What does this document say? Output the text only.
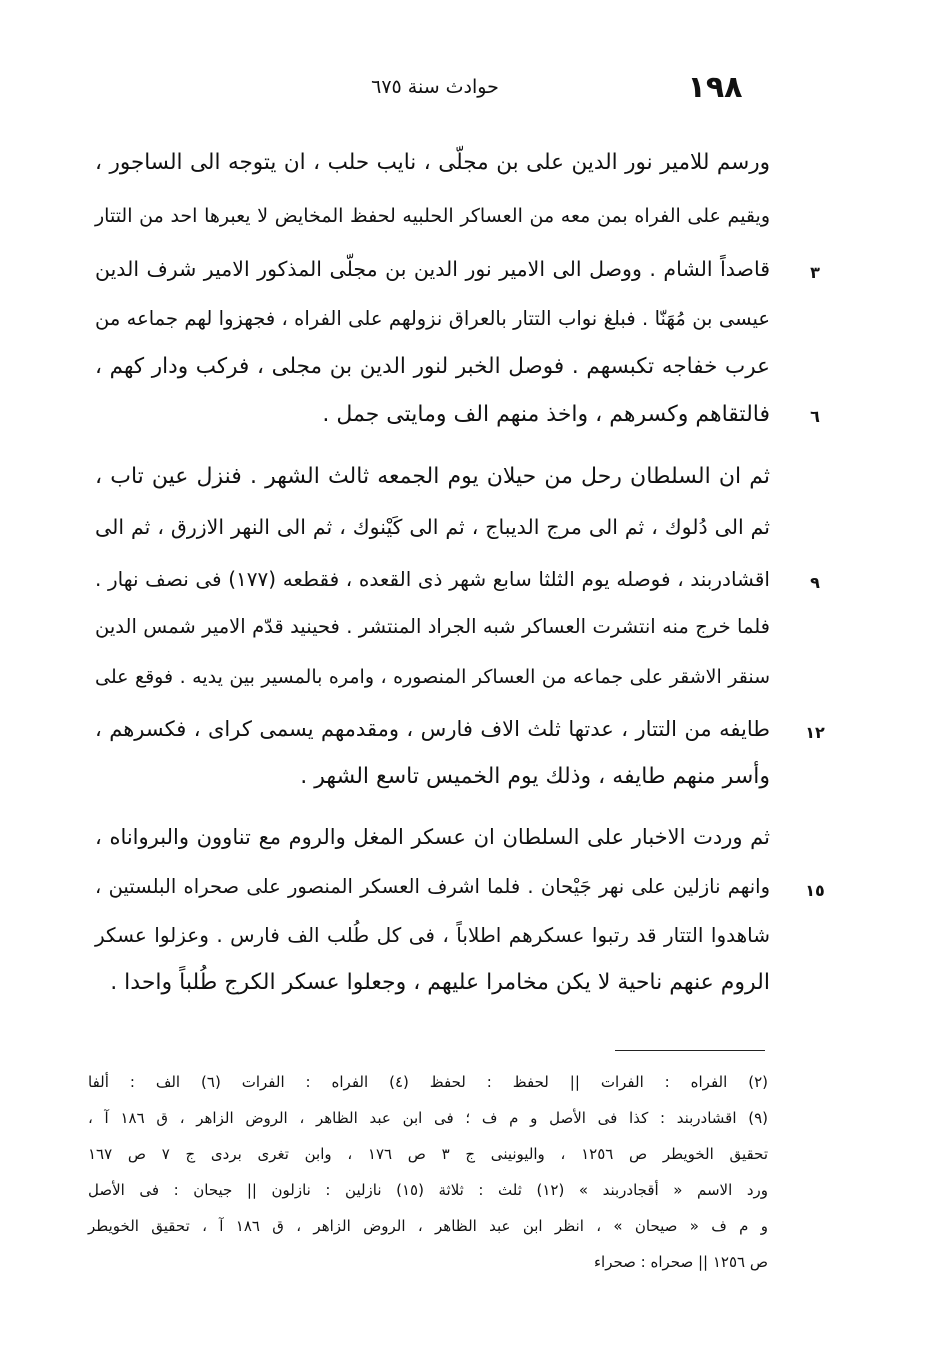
حوادث سنة ٦٧٥	١٩٨
ورسم للامير نور الدين على بن مجلّى ، نايب حلب ، ان يتوجه الى الساجور ،
ويقيم على الفراه بمن معه من العساكر الحلبيه لحفظ المخايض لا يعبرها احد من التتار
قاصداً الشام . ووصل الى الامير نور الدين بن مجلّى المذكور الامير شرف الدين
عيسى بن مُهَنّا . فبلغ نواب التتار بالعراق نزولهم على الفراه ، فجهزوا لهم جماعه من
عرب خفاجه تكبسهم . فوصل الخبر لنور الدين بن مجلى ، فركب ودار كهم ،
فالتقاهم وكسرهم ، واخذ منهم الف ومايتى جمل .
ثم ان السلطان رحل من حيلان يوم الجمعه ثالث الشهر . فنزل عين تاب ،
ثم الى دُلوك ، ثم الى مرج الديباج ، ثم الى كَيْنوك ، ثم الى النهر الازرق ، ثم الى
اقشادربند ، فوصله يوم الثلثا سابع شهر ذى القعده ، فقطعه (١٧٧) فى نصف نهار .
فلما خرج منه انتشرت العساكر شبه الجراد المنتشر . فحينيد قدّم الامير شمس الدين
سنقر الاشقر على جماعه من العساكر المنصوره ، وامره بالمسير بين يديه . فوقع على
طايفه من التتار ، عدتها ثلث الاف فارس ، ومقدمهم يسمى كراى ، فكسرهم ،
وأسر منهم طايفه ، وذلك يوم الخميس تاسع الشهر .
ثم وردت الاخبار على السلطان ان عسكر المغل والروم مع تناوون والبرواناه ،
وانهم نازلين على نهر جَيْحان . فلما اشرف العسكر المنصور على صحراه البلستين ،
شاهدوا التتار قد رتبوا عسكرهم اطلاباً ، فى كل طُلب الف فارس . وعزلوا عسكر
الروم عنهم ناحية لا يكن مخامرا عليهم ، وجعلوا عسكر الكرج طُلباً واحدا .
٣
٦
٩
١٢
١٥
(٢) الفراه : الفرات || لحفظ : لحفظ (٤) الفراه : الفرات (٦) الف : ألفا
(٩) اقشادربند : كذا فى الأصل و م ف ؛ فى ابن عبد الظاهر ، الروض الزاهر ، ق ١٨٦ آ ،
تحقيق الخويطر ص ١٢٥٦ ، واليونينى ج ٣ ص ١٧٦ ، وابن تغرى بردى ج ٧ ص ١٦٧
ورد الاسم « أقجادربند » (١٢) ثلث : ثلاثة (١٥) نازلين : نازلون || جيحان : فى الأصل
و م ف « صيحان » ، انظر ابن عبد الظاهر ، الروض الزاهر ، ق ١٨٦ آ ، تحقيق الخويطر
ص ١٢٥٦ || صحراه : صحراء
